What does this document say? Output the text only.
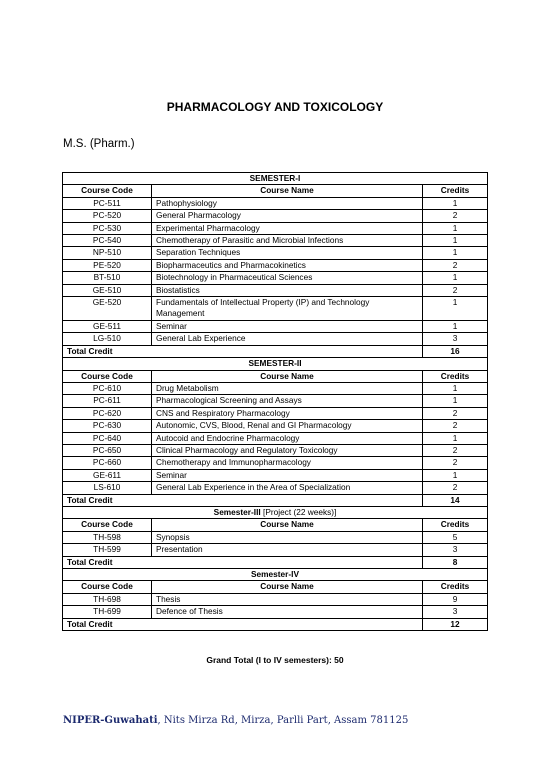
PHARMACOLOGY AND TOXICOLOGY
M.S. (Pharm.)
SEMESTER-I		
Course Code	Course Name	Credits
PC-511	Pathophysiology	1
PC-520	General Pharmacology	2
PC-530	Experimental Pharmacology	1
PC-540	Chemotherapy of Parasitic and Microbial Infections	1
NP-510	Separation Techniques	1
PE-520	Biopharmaceutics and Pharmacokinetics	2
BT-510	Biotechnology in Pharmaceutical Sciences	1
GE-510	Biostatistics	2
GE-520	Fundamentals of Intellectual Property (IP) and Technology Management	1
GE-511	Seminar	1
LG-510	General Lab Experience	3
Total Credit		16
SEMESTER-II		
Course Code	Course Name	Credits
PC-610	Drug Metabolism	1
PC-611	Pharmacological Screening and Assays	1
PC-620	CNS and Respiratory Pharmacology	2
PC-630	Autonomic, CVS, Blood, Renal and GI Pharmacology	2
PC-640	Autocoid and Endocrine Pharmacology	1
PC-650	Clinical Pharmacology and Regulatory Toxicology	2
PC-660	Chemotherapy and Immunopharmacology	2
GE-611	Seminar	1
LS-610	General Lab Experience in the Area of Specialization	2
Total Credit		14
Semester-III [Project (22 weeks)]		
Course Code	Course Name	Credits
TH-598	Synopsis	5
TH-599	Presentation	3
Total Credit		8
Semester-IV		
Course Code	Course Name	Credits
TH-698	Thesis	9
TH-699	Defence of Thesis	3
Total Credit		12
Grand Total (I to IV semesters): 50
NIPER-Guwahati, Nits Mirza Rd, Mirza, Parlli Part, Assam 781125
